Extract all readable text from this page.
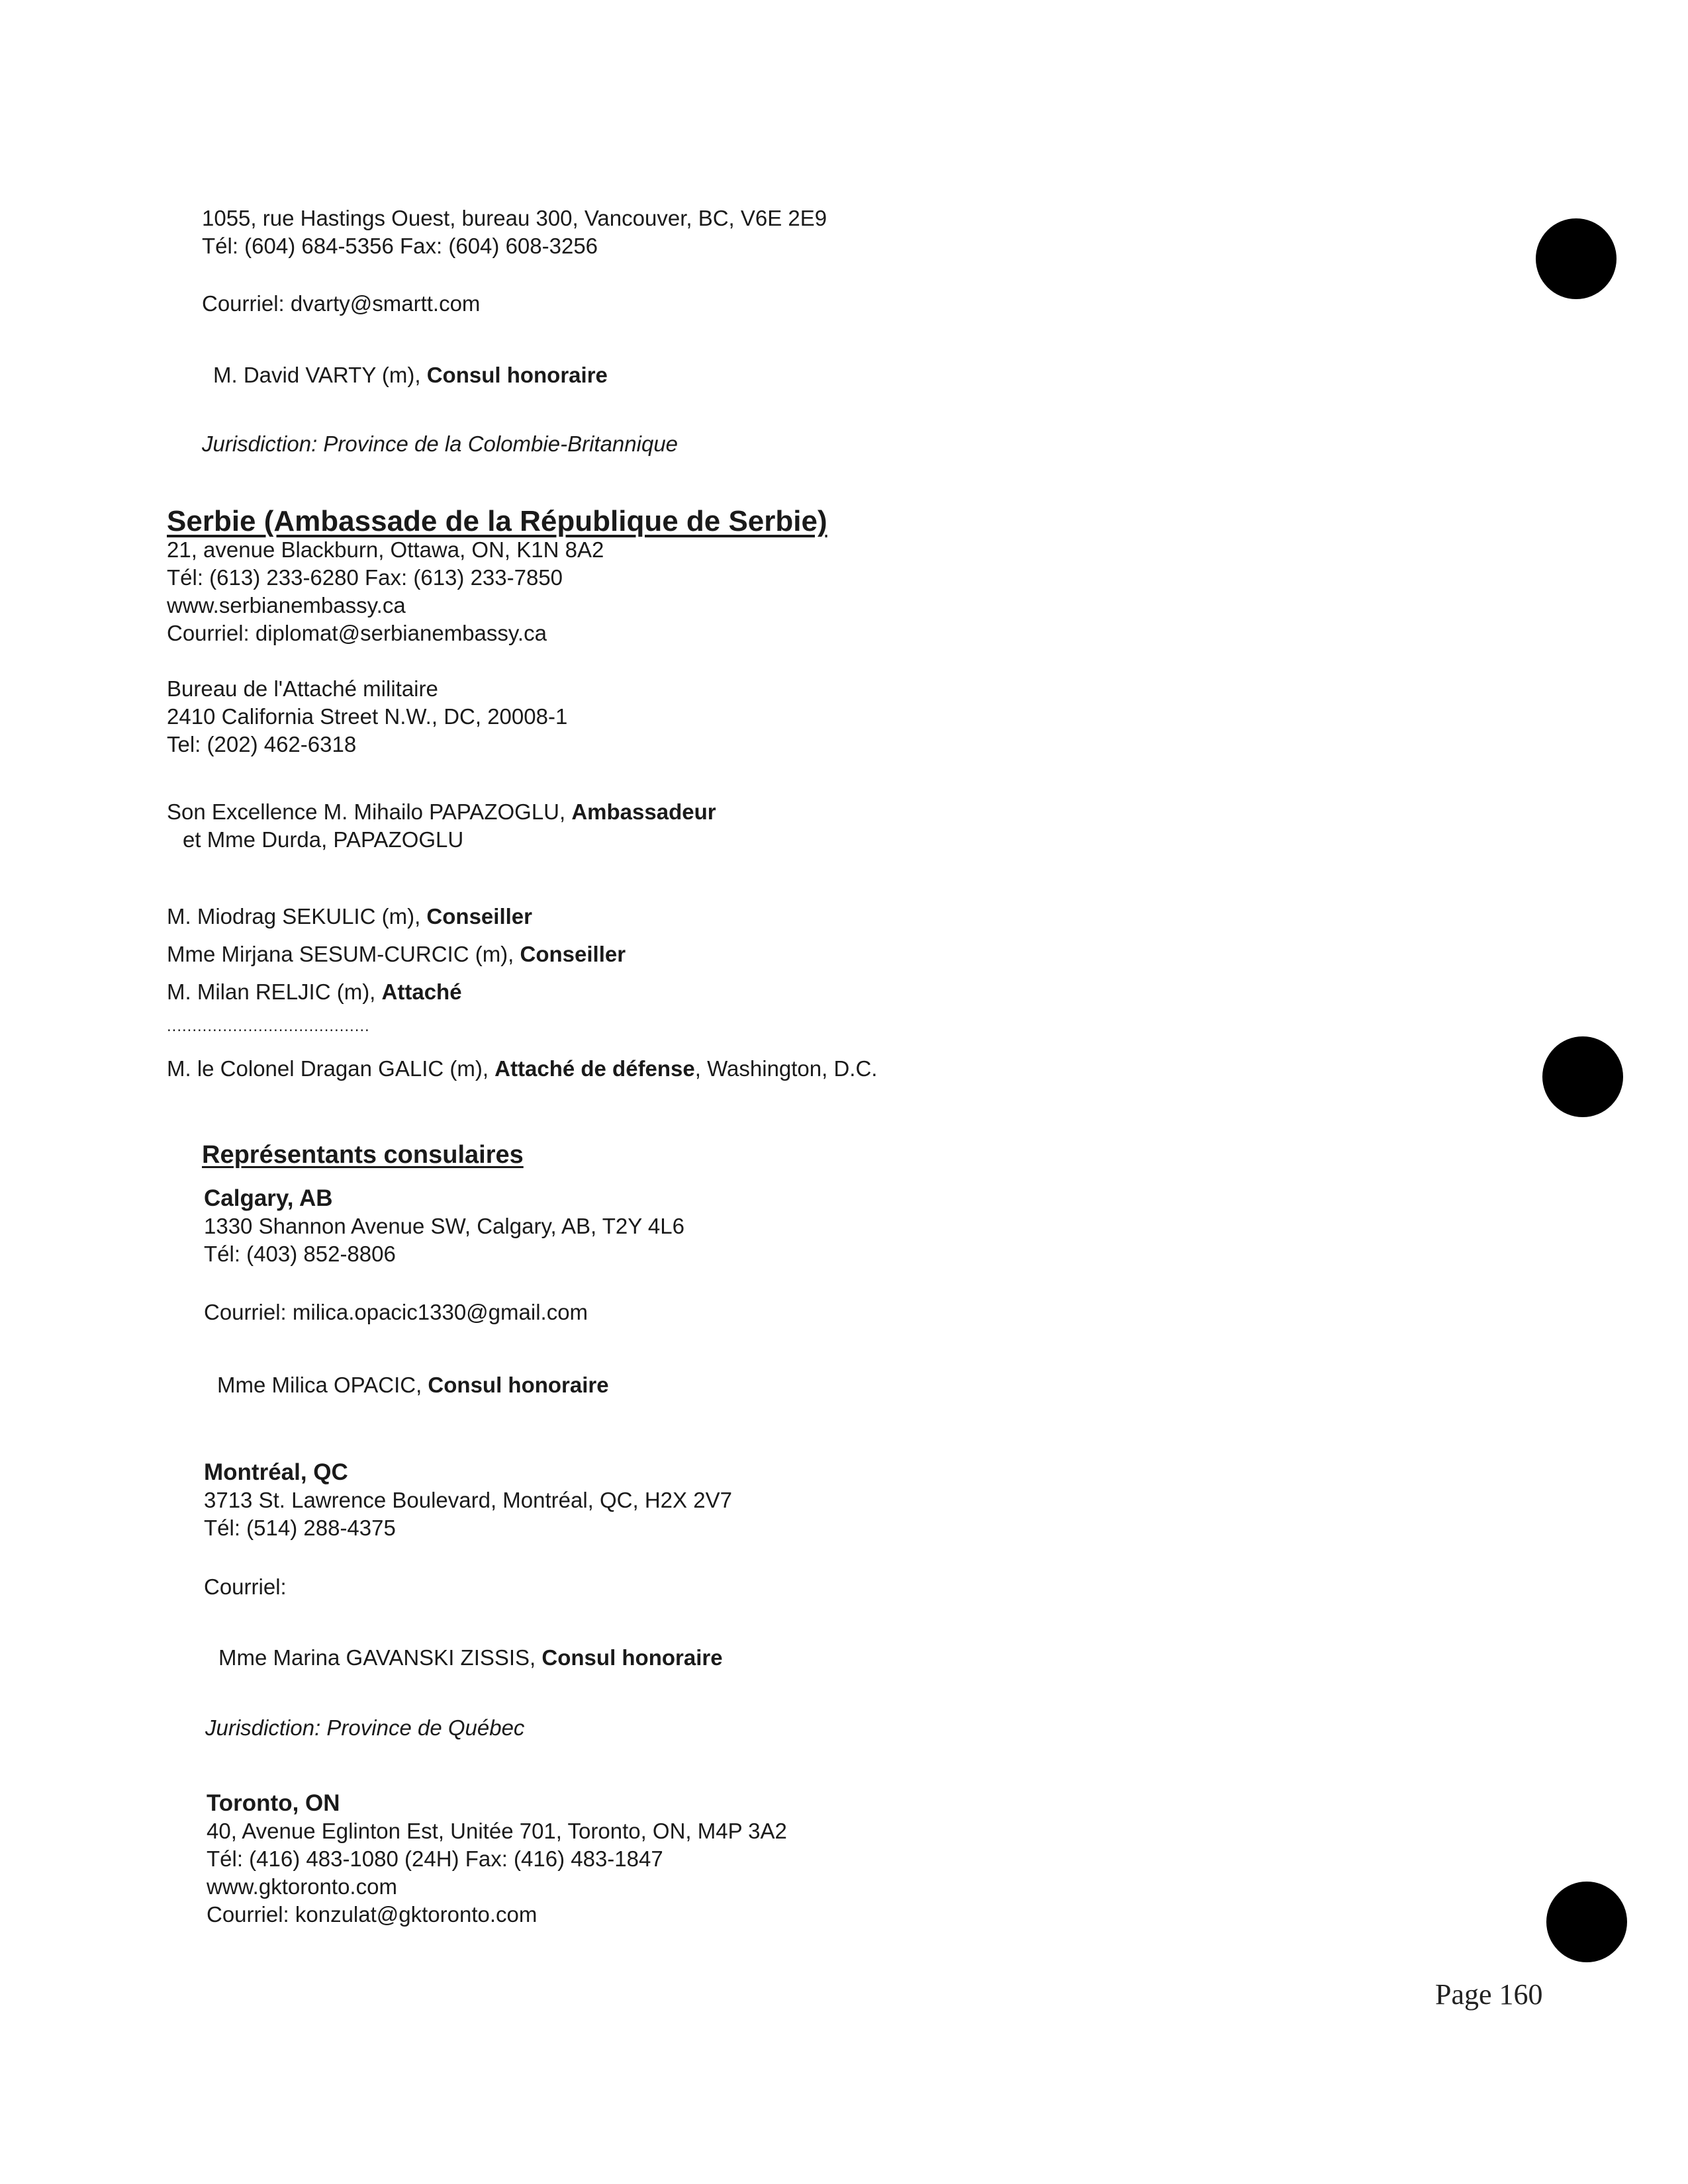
1055, rue Hastings Ouest, bureau 300, Vancouver, BC, V6E 2E9
Tél: (604) 684-5356 Fax: (604) 608-3256
Courriel: dvarty@smartt.com
M. David VARTY (m), Consul honoraire
Jurisdiction: Province de la Colombie-Britannique
Serbie (Ambassade de la République de Serbie)
21, avenue Blackburn, Ottawa, ON, K1N 8A2
Tél: (613) 233-6280 Fax: (613) 233-7850
www.serbianembassy.ca
Courriel: diplomat@serbianembassy.ca
Bureau de l'Attaché militaire
2410 California Street N.W., DC, 20008-1
Tel: (202) 462-6318
Son Excellence M. Mihailo PAPAZOGLU, Ambassadeur
et Mme Durda, PAPAZOGLU
M. Miodrag SEKULIC (m), Conseiller
Mme Mirjana SESUM-CURCIC (m), Conseiller
M. Milan RELJIC (m), Attaché
........................................
M. le Colonel Dragan GALIC (m), Attaché de défense, Washington, D.C.
Représentants consulaires
Calgary, AB
1330 Shannon Avenue SW, Calgary, AB, T2Y 4L6
Tél: (403) 852-8806
Courriel: milica.opacic1330@gmail.com
Mme Milica OPACIC, Consul honoraire
Montréal, QC
3713 St. Lawrence Boulevard, Montréal, QC, H2X 2V7
Tél: (514) 288-4375
Courriel:
Mme Marina GAVANSKI ZISSIS, Consul honoraire
Jurisdiction: Province de Québec
Toronto, ON
40, Avenue Eglinton Est, Unitée 701, Toronto, ON, M4P 3A2
Tél: (416) 483-1080 (24H) Fax: (416) 483-1847
www.gktoronto.com
Courriel: konzulat@gktoronto.com
Page 160
